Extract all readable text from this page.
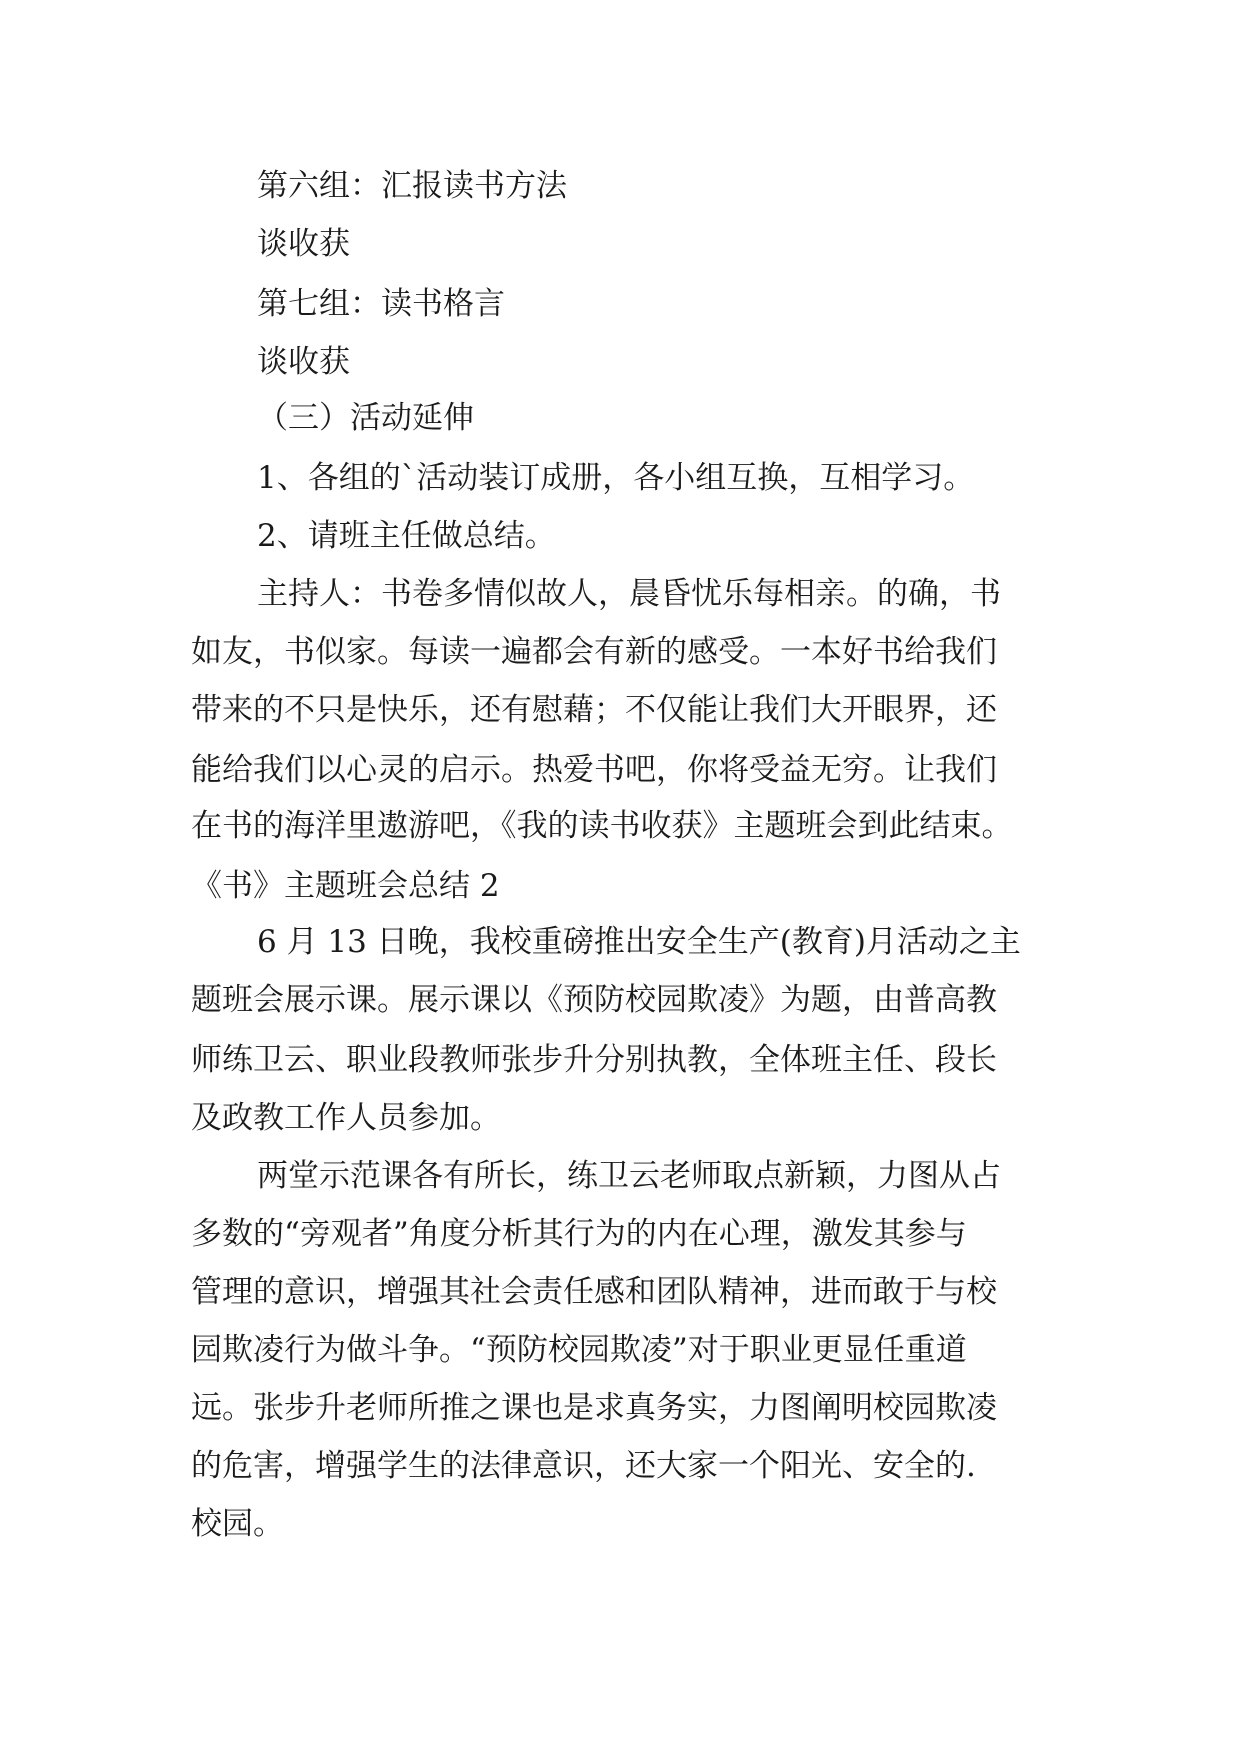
第六组：汇报读书方法
谈收获
第七组：读书格言
谈收获
（三）活动延伸
1、各组的`活动装订成册，各小组互换，互相学习。
2、请班主任做总结。
主持人：书卷多情似故人，晨昏忧乐每相亲。的确，书
如友，书似家。每读一遍都会有新的感受。一本好书给我们
带来的不只是快乐，还有慰藉；不仅能让我们大开眼界，还
能给我们以心灵的启示。热爱书吧，你将受益无穷。让我们
在书的海洋里遨游吧，《我的读书收获》主题班会到此结束。
《书》主题班会总结 2
6 月 13 日晚，我校重磅推出安全生产(教育)月活动之主
题班会展示课。展示课以《预防校园欺凌》为题，由普高教
师练卫云、职业段教师张步升分别执教，全体班主任、段长
及政教工作人员参加。
两堂示范课各有所长，练卫云老师取点新颖，力图从占
多数的“旁观者”角度分析其行为的内在心理，激发其参与
管理的意识，增强其社会责任感和团队精神，进而敢于与校
园欺凌行为做斗争。“预防校园欺凌”对于职业更显任重道
远。张步升老师所推之课也是求真务实，力图阐明校园欺凌
的危害，增强学生的法律意识，还大家一个阳光、安全的.
校园。
